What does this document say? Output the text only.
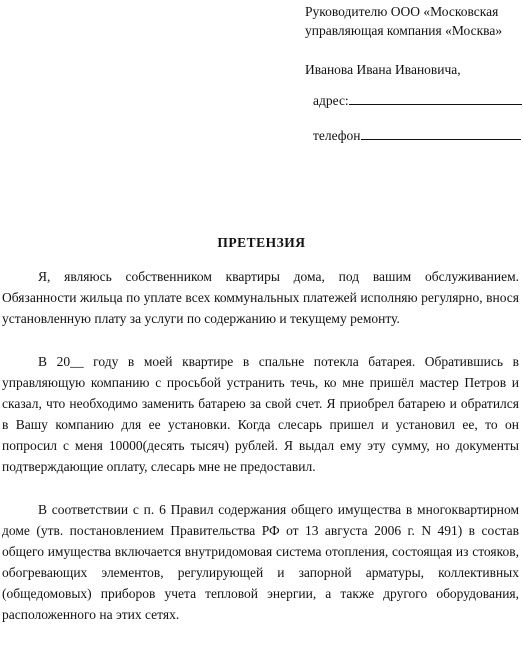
Руководителю ООО «Московская
управляющая компания «Москва»
Иванова Ивана Ивановича,
адрес:
телефон
ПРЕТЕНЗИЯ

Я, являюсь собственником квартиры дома, под вашим обслуживанием. Обязанности жильца по уплате всех коммунальных платежей исполняю регулярно, внося установленную плату за услуги по содержанию и текущему ремонту.

В 20__ году в моей квартире в спальне потекла батарея. Обратившись в управляющую компанию с просьбой устранить течь, ко мне пришёл мастер Петров и сказал, что необходимо заменить батарею за свой счет. Я приобрел батарею и обратился в Вашу компанию для ее установки. Когда слесарь пришел и установил ее, то он попросил с меня 10000(десять тысяч) рублей. Я выдал ему эту сумму, но документы подтверждающие оплату, слесарь мне не предоставил.

В соответствии с п. 6 Правил содержания общего имущества в многоквартирном доме (утв. постановлением Правительства РФ от 13 августа 2006 г. N 491) в состав общего имущества включается внутридомовая система отопления, состоящая из стояков, обогревающих элементов, регулирующей и запорной арматуры, коллективных (общедомовых) приборов учета тепловой энергии, а также другого оборудования, расположенного на этих сетях.
